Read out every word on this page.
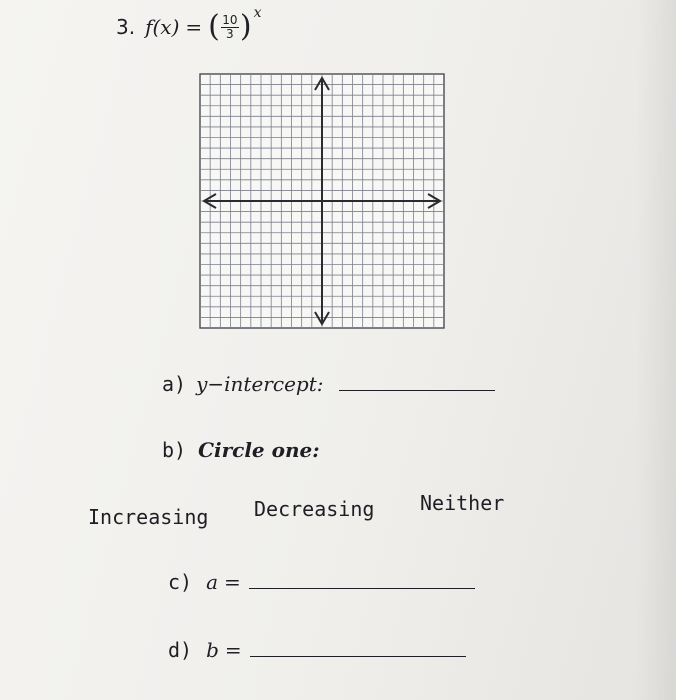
3. f(x) = ( $\frac{10}{3}$ ) x
a) y−intercept:
b) Circle one:
Increasing Decreasing Neither
c) a =
d) b =
